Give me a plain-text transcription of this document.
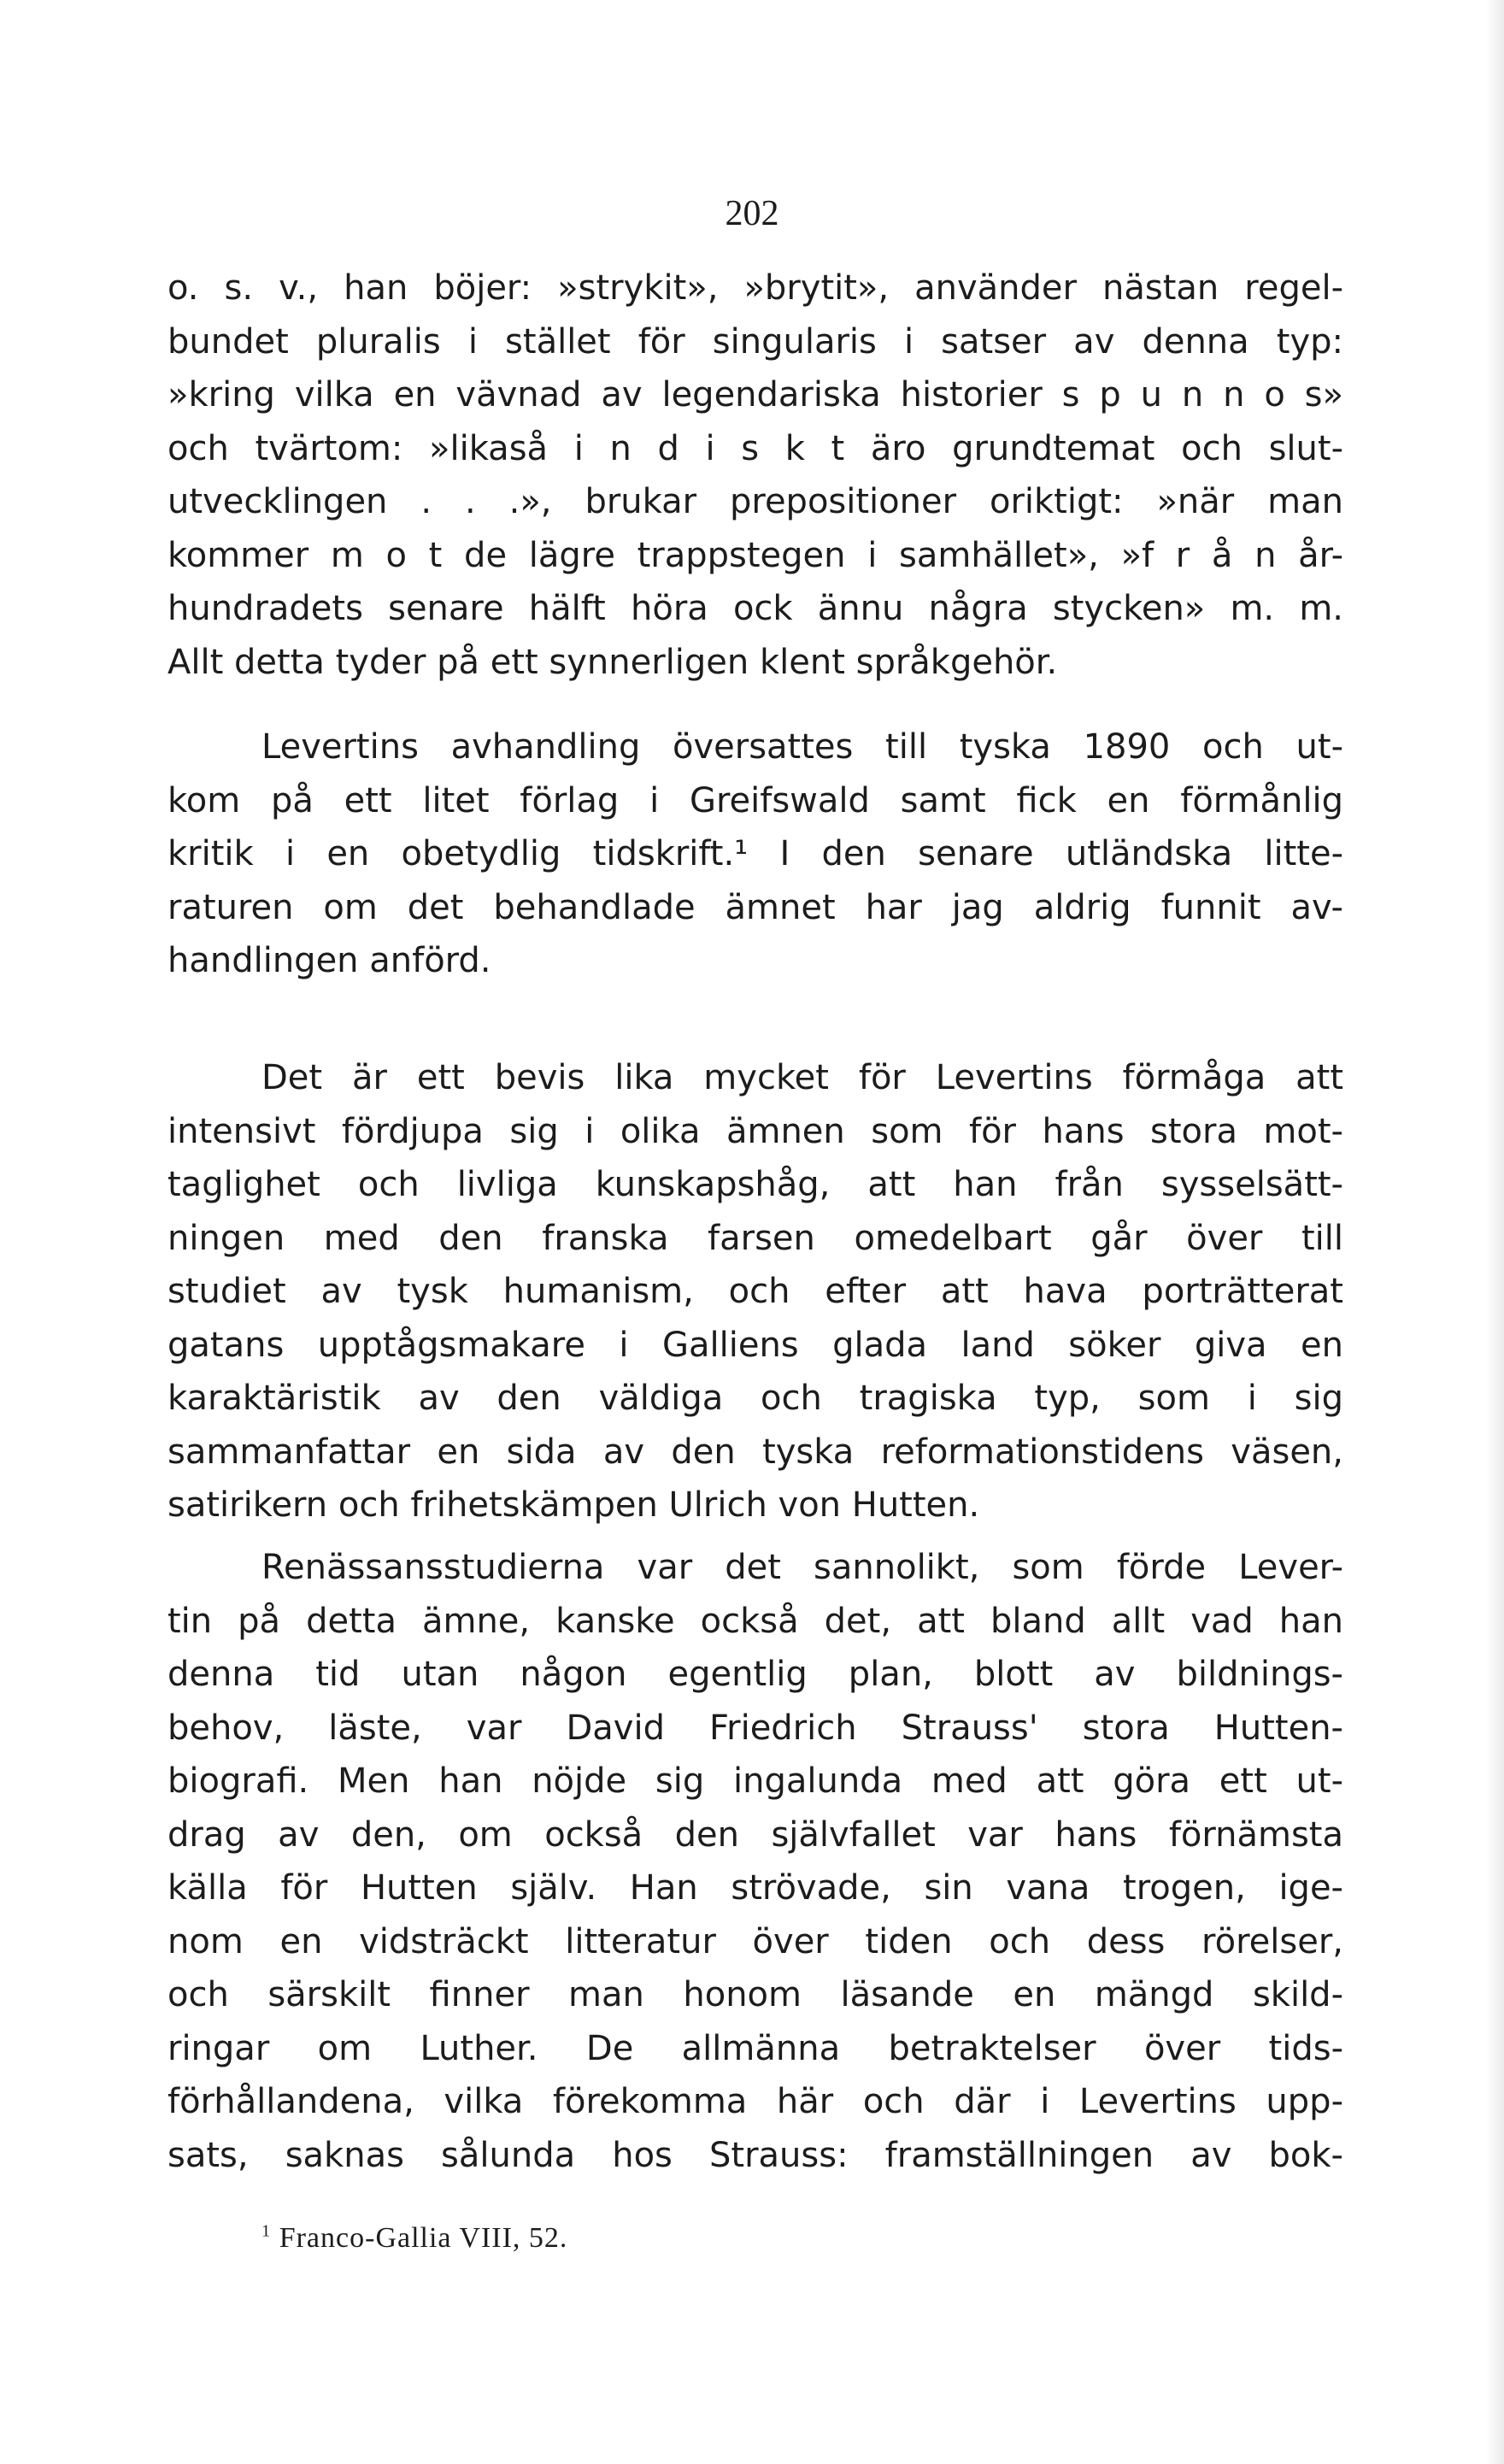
202
o. s. v., han böjer: »strykit», »brytit», använder nästan regel-
bundet pluralis i stället för singularis i satser av denna typ:
»kring vilka en vävnad av legendariska historier s p u n n o s»
och tvärtom: »likaså i n d i s k t äro grundtemat och slut-
utvecklingen . . .», brukar prepositioner oriktigt: »när man
kommer m o t de lägre trappstegen i samhället», »f r å n år-
hundradets senare hälft höra ock ännu några stycken» m. m.
Allt detta tyder på ett synnerligen klent språkgehör.
Levertins avhandling översattes till tyska 1890 och ut-
kom på ett litet förlag i Greifswald samt fick en förmånlig
kritik i en obetydlig tidskrift.¹ I den senare utländska litte-
raturen om det behandlade ämnet har jag aldrig funnit av-
handlingen anförd.
Det är ett bevis lika mycket för Levertins förmåga att
intensivt fördjupa sig i olika ämnen som för hans stora mot-
taglighet och livliga kunskapshåg, att han från sysselsätt-
ningen med den franska farsen omedelbart går över till
studiet av tysk humanism, och efter att hava porträtterat
gatans upptågsmakare i Galliens glada land söker giva en
karaktäristik av den väldiga och tragiska typ, som i sig
sammanfattar en sida av den tyska reformationstidens väsen,
satirikern och frihetskämpen Ulrich von Hutten.
Renässansstudierna var det sannolikt, som förde Lever-
tin på detta ämne, kanske också det, att bland allt vad han
denna tid utan någon egentlig plan, blott av bildnings-
behov, läste, var David Friedrich Strauss' stora Hutten-
biografi. Men han nöjde sig ingalunda med att göra ett ut-
drag av den, om också den självfallet var hans förnämsta
källa för Hutten själv. Han strövade, sin vana trogen, ige-
nom en vidsträckt litteratur över tiden och dess rörelser,
och särskilt finner man honom läsande en mängd skild-
ringar om Luther. De allmänna betraktelser över tids-
förhållandena, vilka förekomma här och där i Levertins upp-
sats, saknas sålunda hos Strauss: framställningen av bok-
$^1$ Franco-Gallia VIII, 52.
